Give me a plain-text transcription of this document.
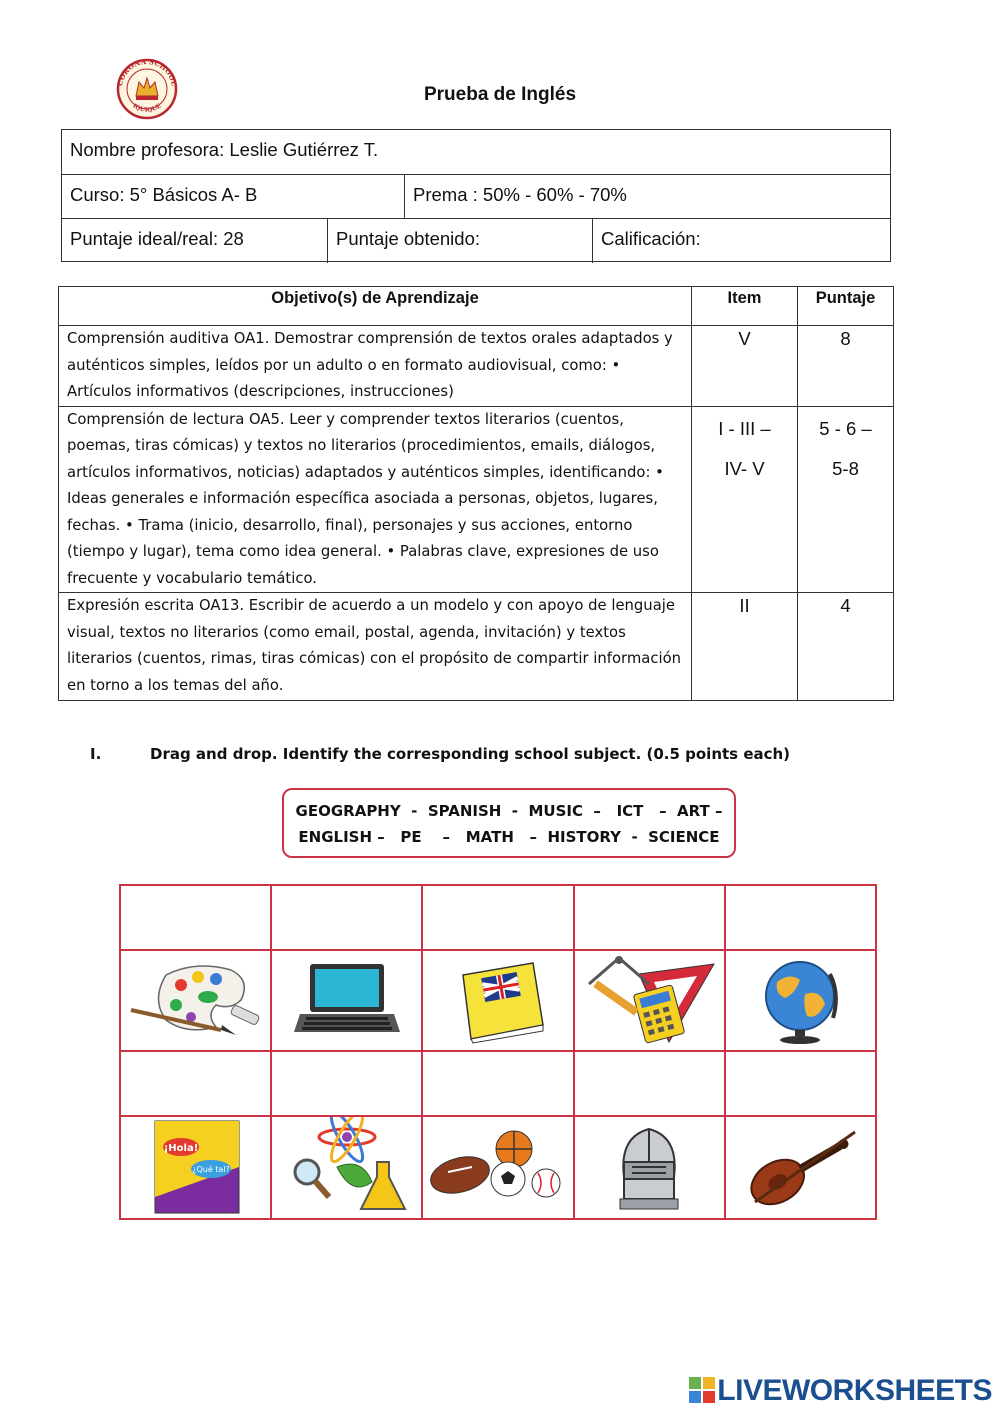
CORONA SCHOOL
IQUIQUE
Prueba de Inglés
Nombre profesora: Leslie Gutiérrez T.
Curso: 5° Básicos A- B	Prema : 50% - 60% - 70%
Puntaje ideal/real: 28	Puntaje obtenido:	Calificación:
Objetivo(s) de Aprendizaje	Item	Puntaje
Comprensión auditiva OA1. Demostrar comprensión de textos orales adaptados y auténticos simples, leídos por un adulto o en formato audiovisual, como: • Artículos informativos (descripciones, instrucciones)	V	8
Comprensión de lectura OA5. Leer y comprender textos literarios (cuentos, poemas, tiras cómicas) y textos no literarios (procedimientos, emails, diálogos, artículos informativos, noticias) adaptados y auténticos simples, identificando: • Ideas generales e información específica asociada a personas, objetos, lugares, fechas. • Trama (inicio, desarrollo, final), personajes y sus acciones, entorno (tiempo y lugar), tema como idea general. • Palabras clave, expresiones de uso frecuente y vocabulario temático.	I - III – IV- V	5 - 6 – 5-8
Expresión escrita OA13. Escribir de acuerdo a un modelo y con apoyo de lenguaje visual, textos no literarios (como email, postal, agenda, invitación) y textos literarios (cuentos, rimas, tiras cómicas) con el propósito de compartir información en torno a los temas del año.	II	4
I.	Drag and drop. Identify the corresponding school subject. (0.5 points each)
GEOGRAPHY  -  SPANISH  -  MUSIC  –   ICT   –  ART –
ENGLISH –   PE    –   MATH   –  HISTORY  -  SCIENCE

¡Hola!
¿Qué tal?

LIVEWORKSHEETS
